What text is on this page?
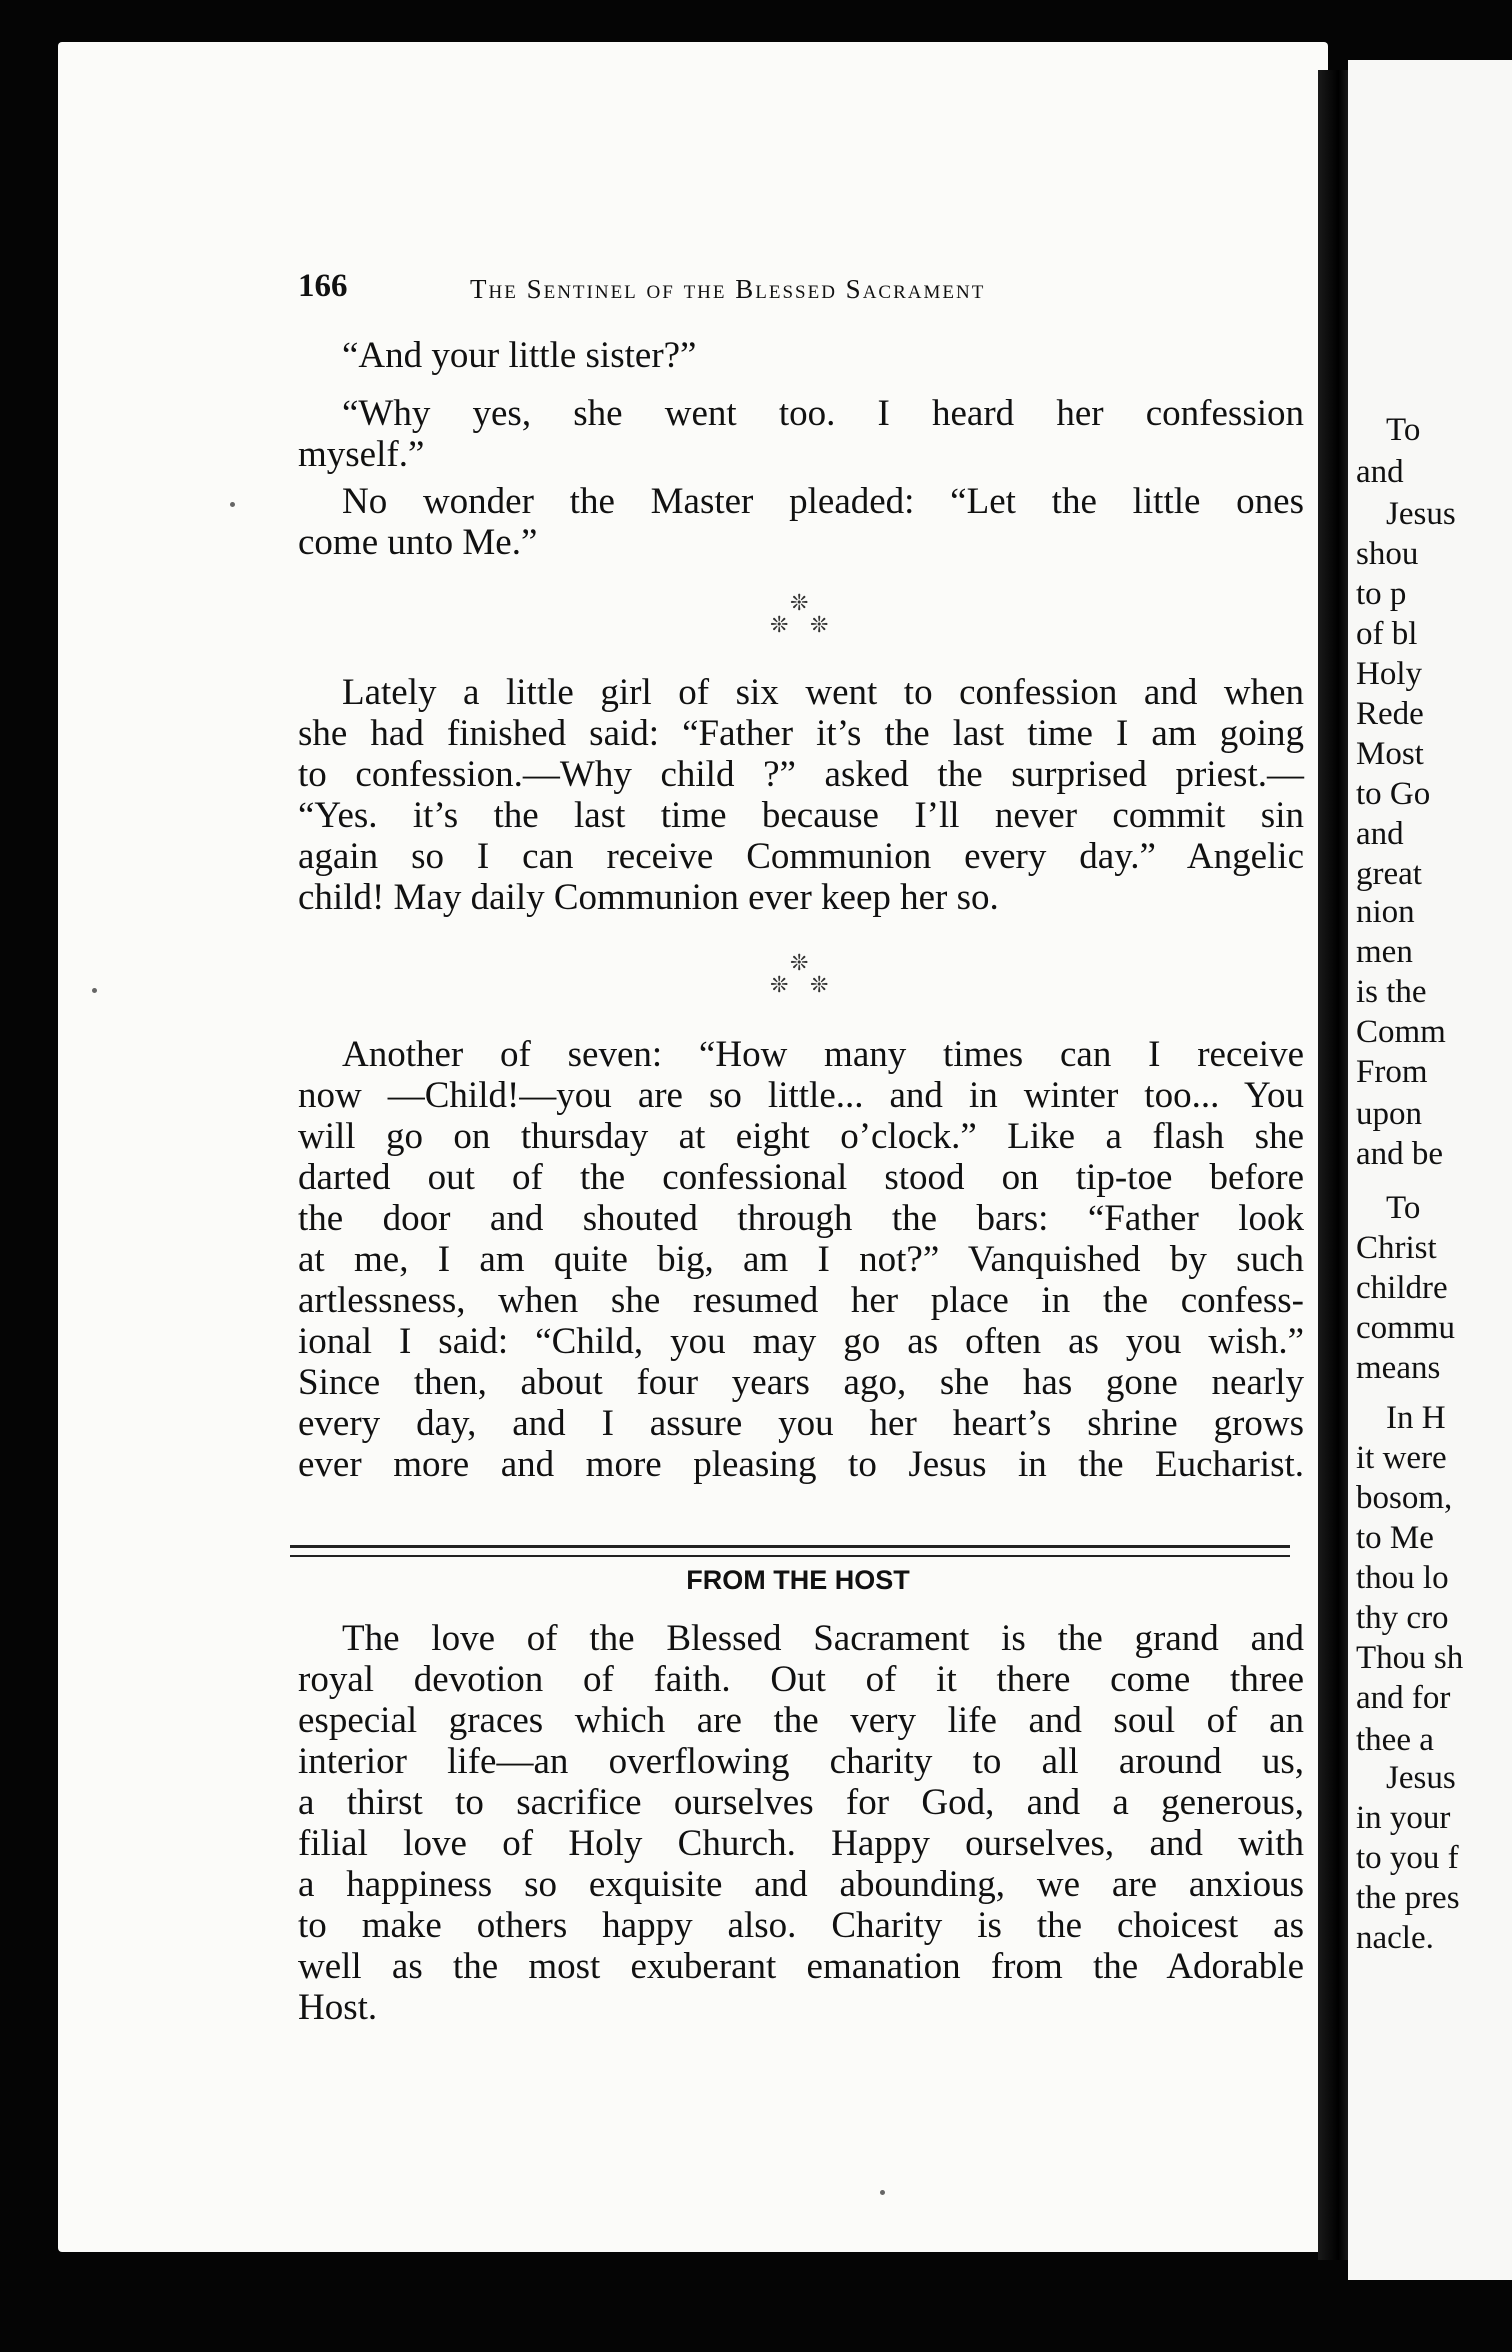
To
and
Jesus
shou
to p
of bl
Holy
Rede
Most
to Go
and
great
nion
men
is the
Comm
From
upon
and be
To
Christ
childre
commu
means
In H
it were
bosom,
to Me
thou lo
thy cro
Thou sh
and for
thee a
Jesus
in your
to you f
the pres
nacle.
166	The Sentinel of the Blessed Sacrament
“And your little sister?”
“Why yes, she went too. I heard her confession
myself.”
No wonder the Master pleaded: “Let the little ones
come unto Me.”
❊
❊ ❊
Lately a little girl of six went to confession and when
she had finished said: “Father it’s the last time I am going
to confession.—Why child ?” asked the surprised priest.—
“Yes. it’s the last time because I’ll never commit sin
again so I can receive Communion every day.” Angelic
child! May daily Communion ever keep her so.
❊
❊ ❊
Another of seven: “How many times can I receive
now —Child!—you are so little... and in winter too... You
will go on thursday at eight o’clock.” Like a flash she
darted out of the confessional stood on tip-toe before
the door and shouted through the bars: “Father look
at me, I am quite big, am I not?” Vanquished by such
artlessness, when she resumed her place in the confess-
ional I said: “Child, you may go as often as you wish.”
Since then, about four years ago, she has gone nearly
every day, and I assure you her heart’s shrine grows
ever more and more pleasing to Jesus in the Eucharist.
FROM THE HOST
The love of the Blessed Sacrament is the grand and
royal devotion of faith. Out of it there come three
especial graces which are the very life and soul of an
interior life—an overflowing charity to all around us,
a thirst to sacrifice ourselves for God, and a generous,
filial love of Holy Church. Happy ourselves, and with
a happiness so exquisite and abounding, we are anxious
to make others happy also. Charity is the choicest as
well as the most exuberant emanation from the Adorable
Host.
